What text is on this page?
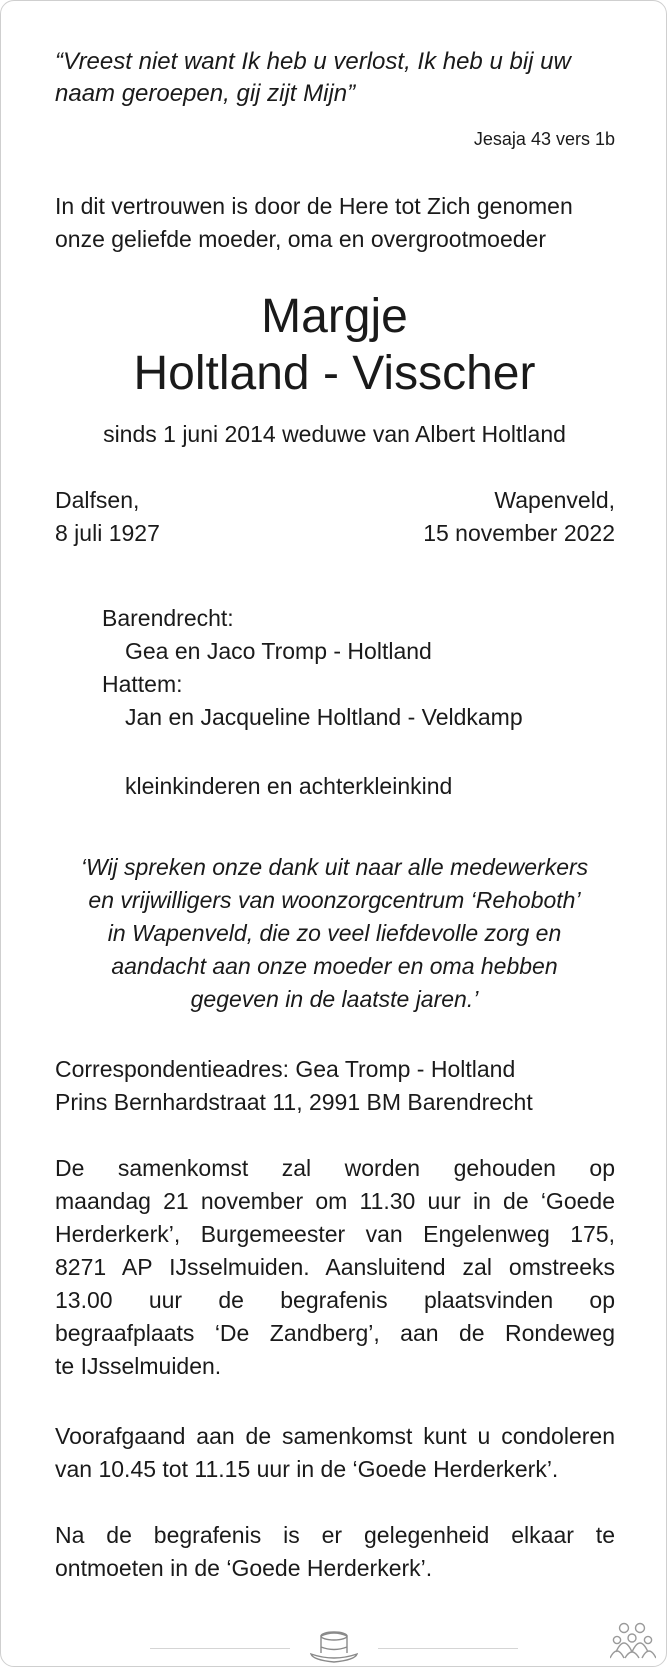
“Vreest niet want Ik heb u verlost, Ik heb u bij uw
naam geroepen, gij zijt Mijn”
Jesaja 43 vers 1b
In dit vertrouwen is door de Here tot Zich genomen
onze geliefde moeder, oma en overgrootmoeder
Margje
Holtland - Visscher
sinds 1 juni 2014 weduwe van Albert Holtland
Dalfsen,
8 juli 1927
Wapenveld,
15 november 2022
Barendrecht:
Gea en Jaco Tromp - Holtland
Hattem:
Jan en Jacqueline Holtland - Veldkamp
kleinkinderen en achterkleinkind
‘Wij spreken onze dank uit naar alle medewerkers
en vrijwilligers van woonzorgcentrum ‘Rehoboth’
in Wapenveld, die zo veel liefdevolle zorg en
aandacht aan onze moeder en oma hebben
gegeven in de laatste jaren.’
Correspondentieadres: Gea Tromp - Holtland
Prins Bernhardstraat 11, 2991 BM Barendrecht
De samenkomst zal worden gehouden op
maandag 21 november om 11.30 uur in de ‘Goede
Herderkerk’, Burgemeester van Engelenweg 175,
8271 AP IJsselmuiden. Aansluitend zal omstreeks
13.00 uur de begrafenis plaatsvinden op
begraafplaats ‘De Zandberg’, aan de Rondeweg
te IJsselmuiden.
Voorafgaand aan de samenkomst kunt u condoleren
van 10.45 tot 11.15 uur in de ‘Goede Herderkerk’.
Na de begrafenis is er gelegenheid elkaar te
ontmoeten in de ‘Goede Herderkerk’.
